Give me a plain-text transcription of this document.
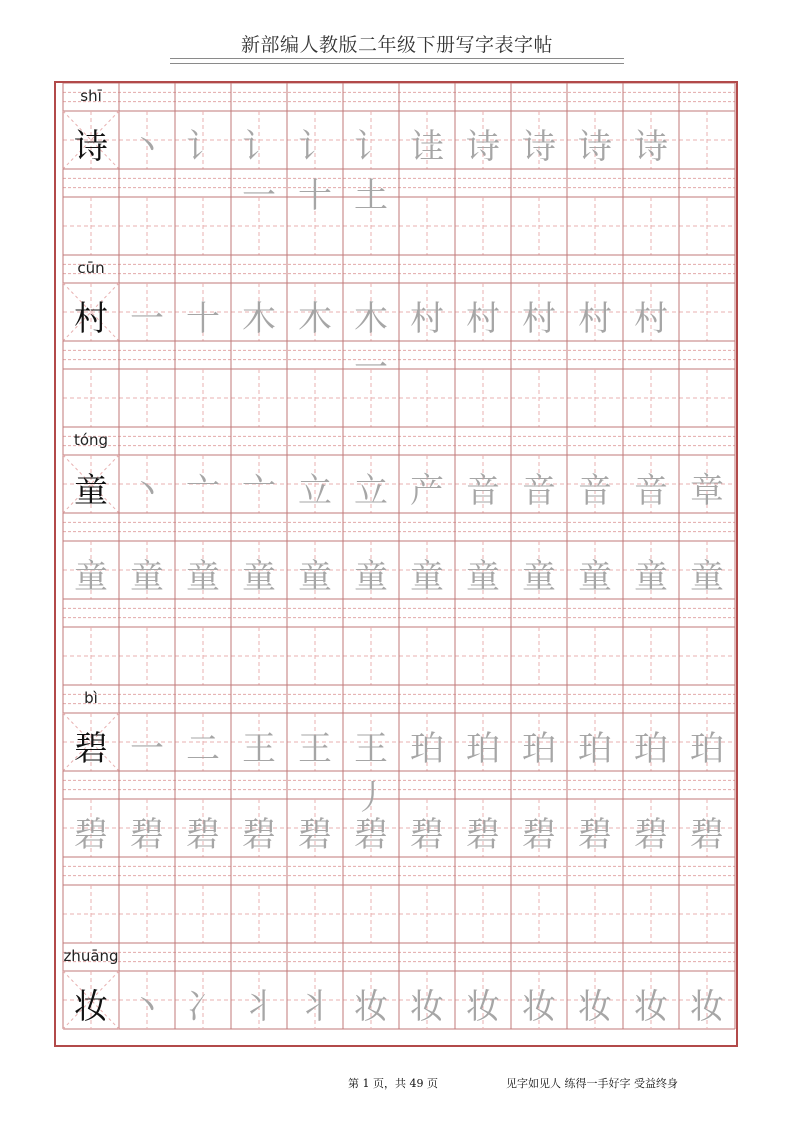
新部编人教版二年级下册写字表字帖
shī
诗 丶 讠 讠一
讠十
讠土
诖 诗 诗 诗 诗
cūn
村 一 十 木 木 木一
村 村 村 村 村
tóng
童 丶 亠 亠 立 立 产 音 音 音 音 章
童 童 童 童 童 童 童 童 童 童 童 童
bì
碧 一 二 王 王 王丿
珀 珀 珀 珀 珀 珀
碧 碧 碧 碧 碧 碧 碧 碧 碧 碧 碧 碧
zhuāng
妆 丶 冫 丬 丬 妆 妆 妆 妆 妆 妆 妆
第 1 页，共 49 页	见字如见人 练得一手好字 受益终身
